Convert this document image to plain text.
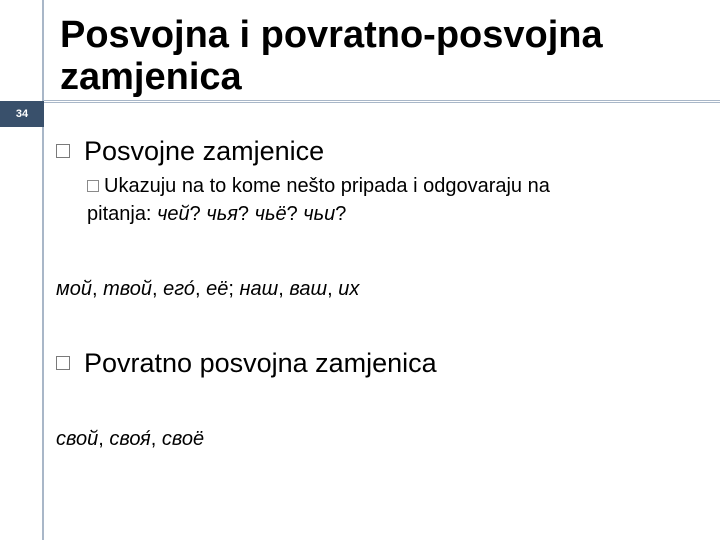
34
Posvojna i povratno-posvojna zamjenica
Posvojne zamjenice
Ukazuju na to kome nešto pripada i odgovaraju na
pitanja: чей? чья? чьё? чьи?
мой, твой, его́, её; наш, ваш, их
Povratno posvojna zamjenica
свой, своя́, своё
